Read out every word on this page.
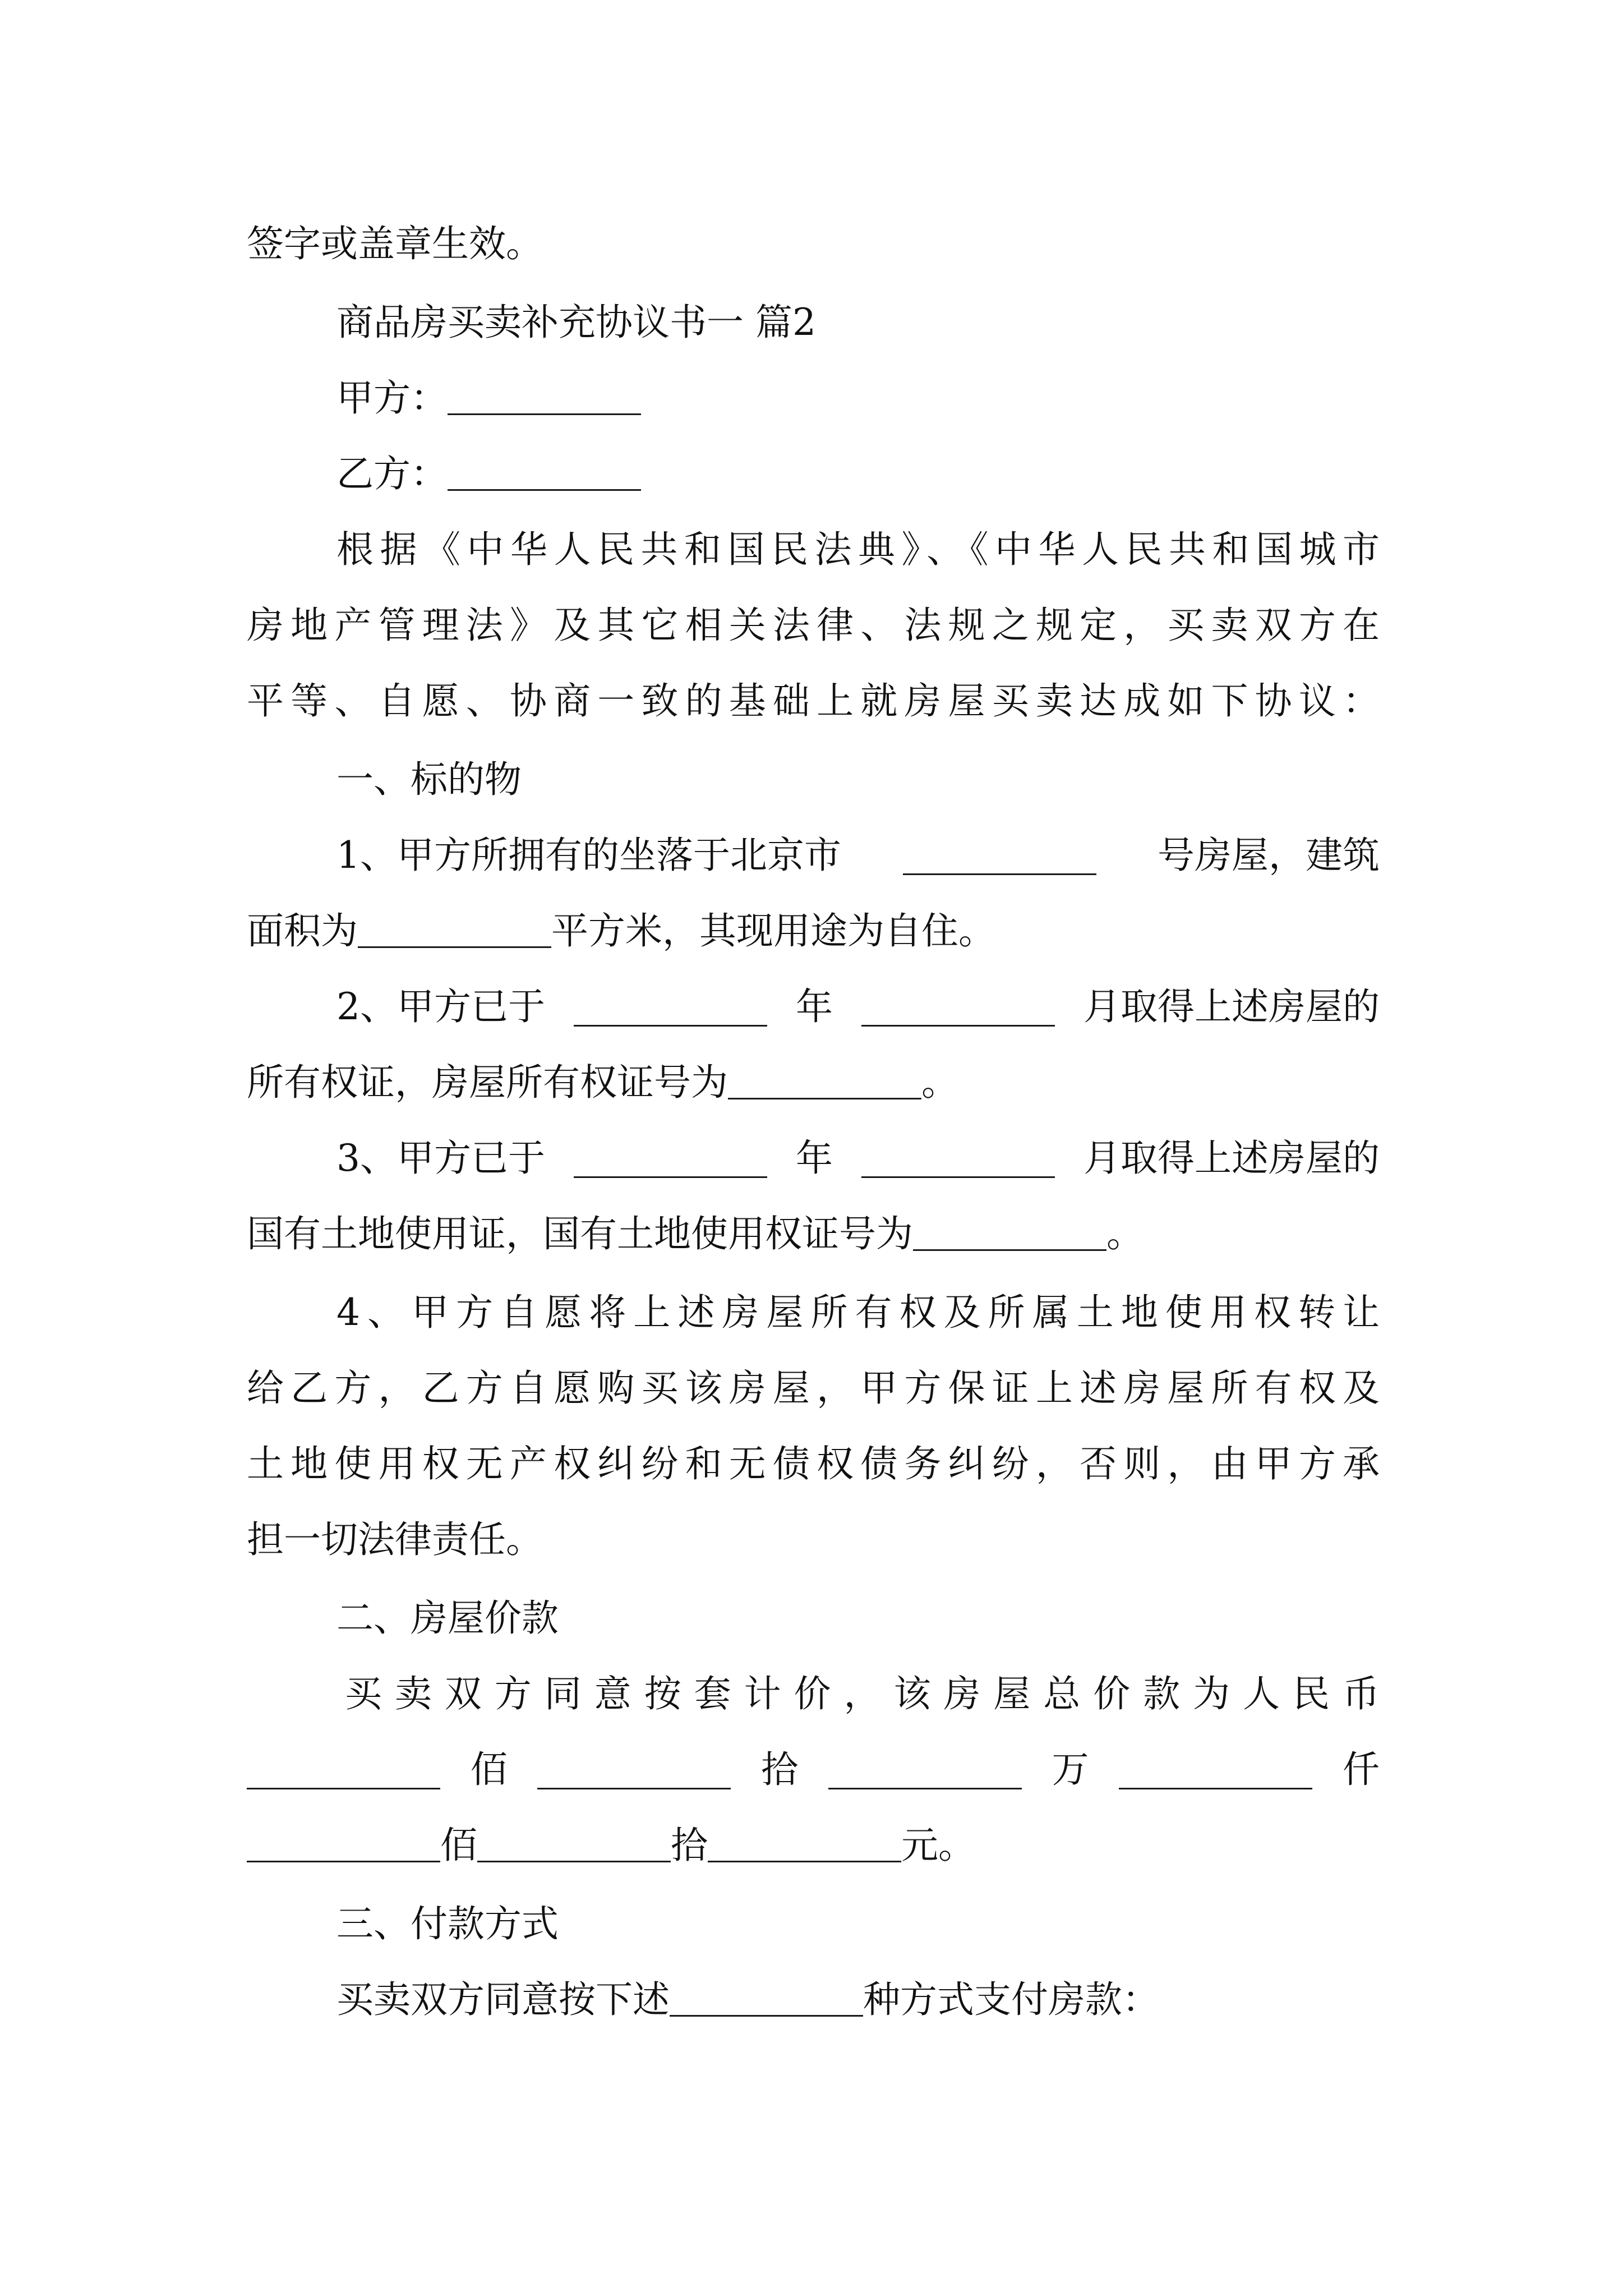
签字或盖章生效。
商品房买卖补充协议书一 篇2
甲方：
乙方：
根据《中华人民共和国民法典》、《中华人民共和国城市
房地产管理法》及其它相关法律、法规之规定，买卖双方在
平等、自愿、协商一致的基础上就房屋买卖达成如下协议：
一、标的物
1、甲方所拥有的坐落于北京市	号房屋，建筑
面积为	平方米，其现用途为自住。
2、甲方已于	年	月取得上述房屋的
所有权证，房屋所有权证号为	。
3、甲方已于	年	月取得上述房屋的
国有土地使用证，国有土地使用权证号为	。
4、甲方自愿将上述房屋所有权及所属土地使用权转让
给乙方，乙方自愿购买该房屋，甲方保证上述房屋所有权及
土地使用权无产权纠纷和无债权债务纠纷，否则，由甲方承
担一切法律责任。
二、房屋价款
买卖双方同意按套计价，该房屋总价款为人民币
佰	拾	万	仟
佰	拾	元。
三、付款方式
买卖双方同意按下述	种方式支付房款：
